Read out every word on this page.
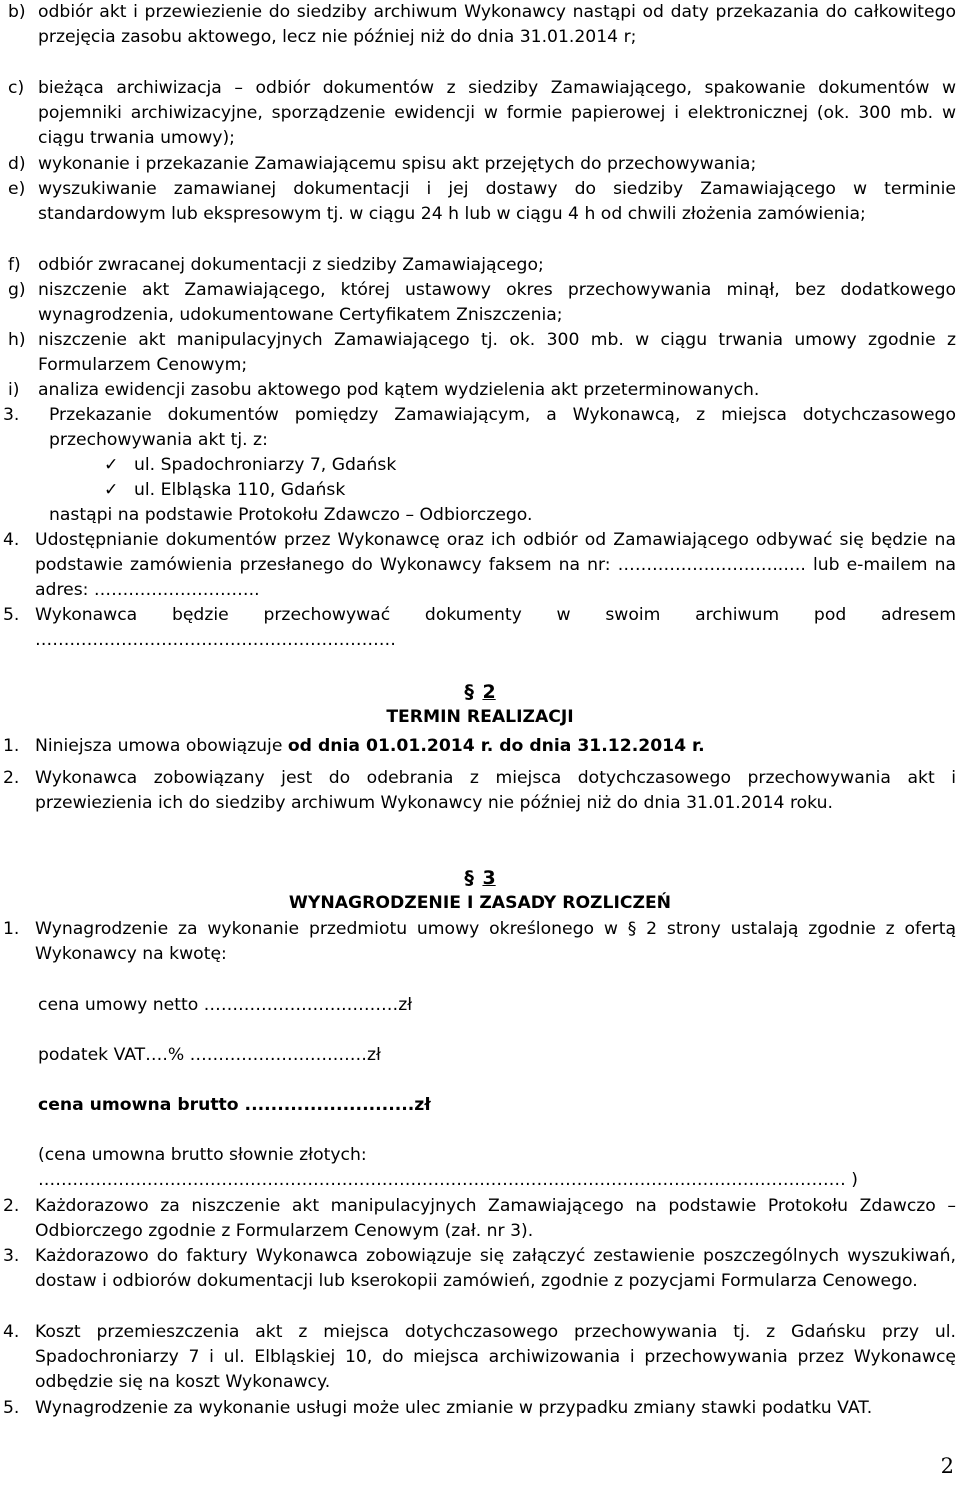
b) odbiór akt i przewiezienie do siedziby archiwum Wykonawcy nastąpi od daty przekazania do całkowitego przejęcia zasobu aktowego, lecz nie później niż do dnia 31.01.2014 r;
c) bieżąca archiwizacja – odbiór dokumentów z siedziby Zamawiającego, spakowanie dokumentów w pojemniki archiwizacyjne, sporządzenie ewidencji w formie papierowej i elektronicznej (ok. 300 mb. w ciągu trwania umowy);
d) wykonanie i przekazanie Zamawiającemu spisu akt przejętych do przechowywania;
e) wyszukiwanie zamawianej dokumentacji i jej dostawy do siedziby Zamawiającego w terminie standardowym lub ekspresowym tj. w ciągu 24 h lub w ciągu 4 h od chwili złożenia zamówienia;
f) odbiór zwracanej dokumentacji z siedziby Zamawiającego;
g) niszczenie akt Zamawiającego, której ustawowy okres przechowywania minął, bez dodatkowego wynagrodzenia, udokumentowane Certyfikatem Zniszczenia;
h) niszczenie akt manipulacyjnych Zamawiającego tj. ok. 300 mb. w ciągu trwania umowy zgodnie z Formularzem Cenowym;
i) analiza ewidencji zasobu aktowego pod kątem wydzielenia akt przeterminowanych.
3. Przekazanie dokumentów pomiędzy Zamawiającym, a Wykonawcą, z miejsca dotychczasowego przechowywania akt tj. z:
✓ ul. Spadochroniarzy 7, Gdańsk
✓ ul. Elbląska 110, Gdańsk
nastąpi na podstawie Protokołu Zdawczo – Odbiorczego.
4. Udostępnianie dokumentów przez Wykonawcę oraz ich odbiór od Zamawiającego odbywać się będzie na podstawie zamówienia przesłanego do Wykonawcy faksem na nr: ………………………..…. lub e-mailem na adres: ………………………..
5. Wykonawca będzie przechowywać dokumenty w swoim archiwum pod adresem ………………………………………………………
§ 2
TERMIN REALIZACJI
1. Niniejsza umowa obowiązuje od dnia 01.01.2014 r. do dnia 31.12.2014 r.
2. Wykonawca zobowiązany jest do odebrania z miejsca dotychczasowego przechowywania akt i przewiezienia ich do siedziby archiwum Wykonawcy nie później niż do dnia 31.01.2014 roku.
§ 3
WYNAGRODZENIE I ZASADY ROZLICZEŃ
1. Wynagrodzenie za wykonanie przedmiotu umowy określonego w § 2 strony ustalają zgodnie z ofertą Wykonawcy na kwotę:
cena umowy netto …………………….………zł
podatek VAT….% …………………….……zł
cena umowna brutto ..........................zł
(cena umowna brutto słownie złotych:
…………………………………………………………………………………………………………………………… )
2. Każdorazowo za niszczenie akt manipulacyjnych Zamawiającego na podstawie Protokołu Zdawczo – Odbiorczego zgodnie z Formularzem Cenowym (zał. nr 3).
3. Każdorazowo do faktury Wykonawca zobowiązuje się załączyć zestawienie poszczególnych wyszukiwań, dostaw i odbiorów dokumentacji lub kserokopii zamówień, zgodnie z pozycjami Formularza Cenowego.
4. Koszt przemieszczenia akt z miejsca dotychczasowego przechowywania tj. z Gdańsku przy ul. Spadochroniarzy 7 i ul. Elbląskiej 10, do miejsca archiwizowania i przechowywania przez Wykonawcę odbędzie się na koszt Wykonawcy.
5. Wynagrodzenie za wykonanie usługi może ulec zmianie w przypadku zmiany stawki podatku VAT.
2
